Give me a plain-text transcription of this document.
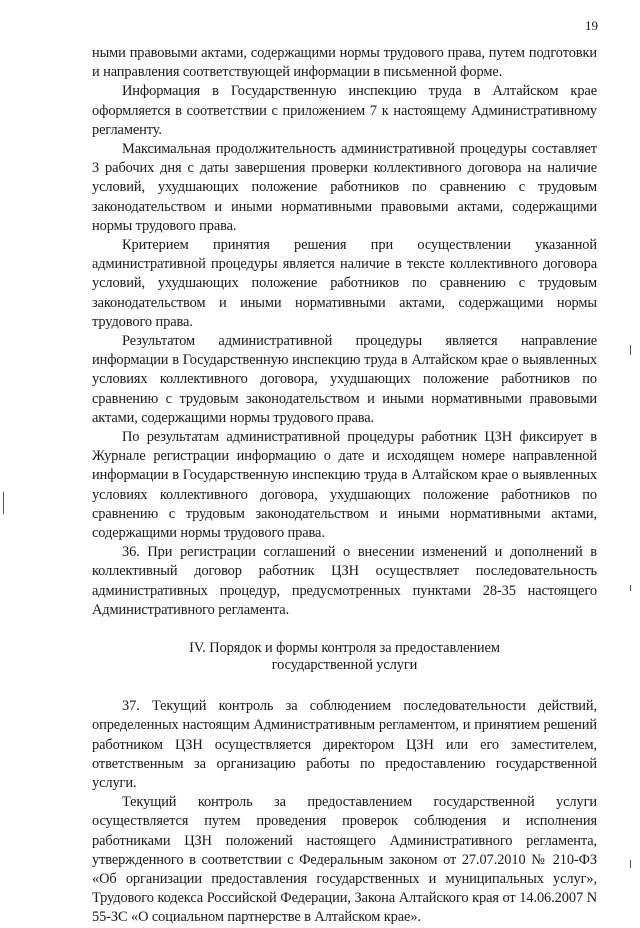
19

ными правовыми актами, содержащими нормы трудового права, путем подготовки и направления соответствующей информации в письменной форме.

Информация в Государственную инспекцию труда в Алтайском крае оформляется в соответствии с приложением 7 к настоящему Административному регламенту.

Максимальная продолжительность административной процедуры составляет 3 рабочих дня с даты завершения проверки коллективного договора на наличие условий, ухудшающих положение работников по сравнению с трудовым законодательством и иными нормативными правовыми актами, содержащими нормы трудового права.

Критерием принятия решения при осуществлении указанной административной процедуры является наличие в тексте коллективного договора условий, ухудшающих положение работников по сравнению с трудовым законодательством и иными нормативными актами, содержащими нормы трудового права.

Результатом административной процедуры является направление информации в Государственную инспекцию труда в Алтайском крае о выявленных условиях коллективного договора, ухудшающих положение работников по сравнению с трудовым законодательством и иными нормативными правовыми актами, содержащими нормы трудового права.

По результатам административной процедуры работник ЦЗН фиксирует в Журнале регистрации информацию о дате и исходящем номере направленной информации в Государственную инспекцию труда в Алтайском крае о выявленных условиях коллективного договора, ухудшающих положение работников по сравнению с трудовым законодательством и иными нормативными актами, содержащими нормы трудового права.

36. При регистрации соглашений о внесении изменений и дополнений в коллективный договор работник ЦЗН осуществляет последовательность административных процедур, предусмотренных пунктами 28-35 настоящего Административного регламента.

IV. Порядок и формы контроля за предоставлением
государственной услуги

37. Текущий контроль за соблюдением последовательности действий, определенных настоящим Административным регламентом, и принятием решений работником ЦЗН осуществляется директором ЦЗН или его заместителем, ответственным за организацию работы по предоставлению государственной услуги.

Текущий контроль за предоставлением государственной услуги осуществляется путем проведения проверок соблюдения и исполнения работниками ЦЗН положений настоящего Административного регламента, утвержденного в соответствии с Федеральным законом от 27.07.2010 № 210-ФЗ «Об организации предоставления государственных и муниципальных услуг», Трудового кодекса Российской Федерации, Закона Алтайского края от 14.06.2007 N 55-ЗС «О социальном партнерстве в Алтайском крае».
